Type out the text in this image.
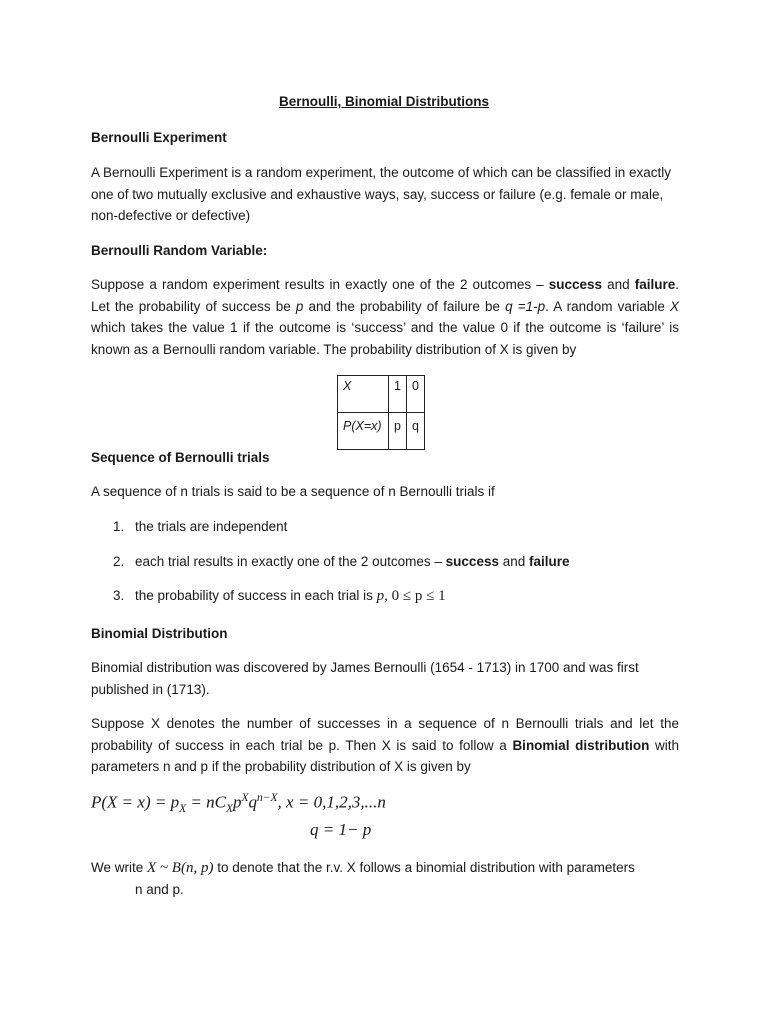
Bernoulli, Binomial Distributions
Bernoulli Experiment
A Bernoulli Experiment is a random experiment, the outcome of which can be classified in exactly one of two mutually exclusive and exhaustive ways, say, success or failure (e.g. female or male, non-defective or defective)
Bernoulli Random Variable:
Suppose a random experiment results in exactly one of the 2 outcomes – success and failure. Let the probability of success be p and the probability of failure be q =1-p. A random variable X which takes the value 1 if the outcome is ‘success’ and the value 0 if the outcome is ‘failure’ is known as a Bernoulli random variable. The probability distribution of X is given by
X	1	0
P(X=x)	p	q
Sequence of Bernoulli trials
A sequence of n trials is said to be a sequence of n Bernoulli trials if
1. the trials are independent
2. each trial results in exactly one of the 2 outcomes – success and failure
3. the probability of success in each trial is p, 0 ≤ p ≤ 1
Binomial Distribution
Binomial distribution was discovered by James Bernoulli (1654 - 1713) in 1700 and was first published in (1713).
Suppose X denotes the number of successes in a sequence of n Bernoulli trials and let the probability of success in each trial be p. Then X is said to follow a Binomial distribution with parameters n and p if the probability distribution of X is given by
$P(X = x) = p_X = nC_Xp^Xq^{n-X}$, x = 0,1,2,3,...n
q = 1− p
We write X ~ B(n, p) to denote that the r.v. X follows a binomial distribution with parameters
n and p.
